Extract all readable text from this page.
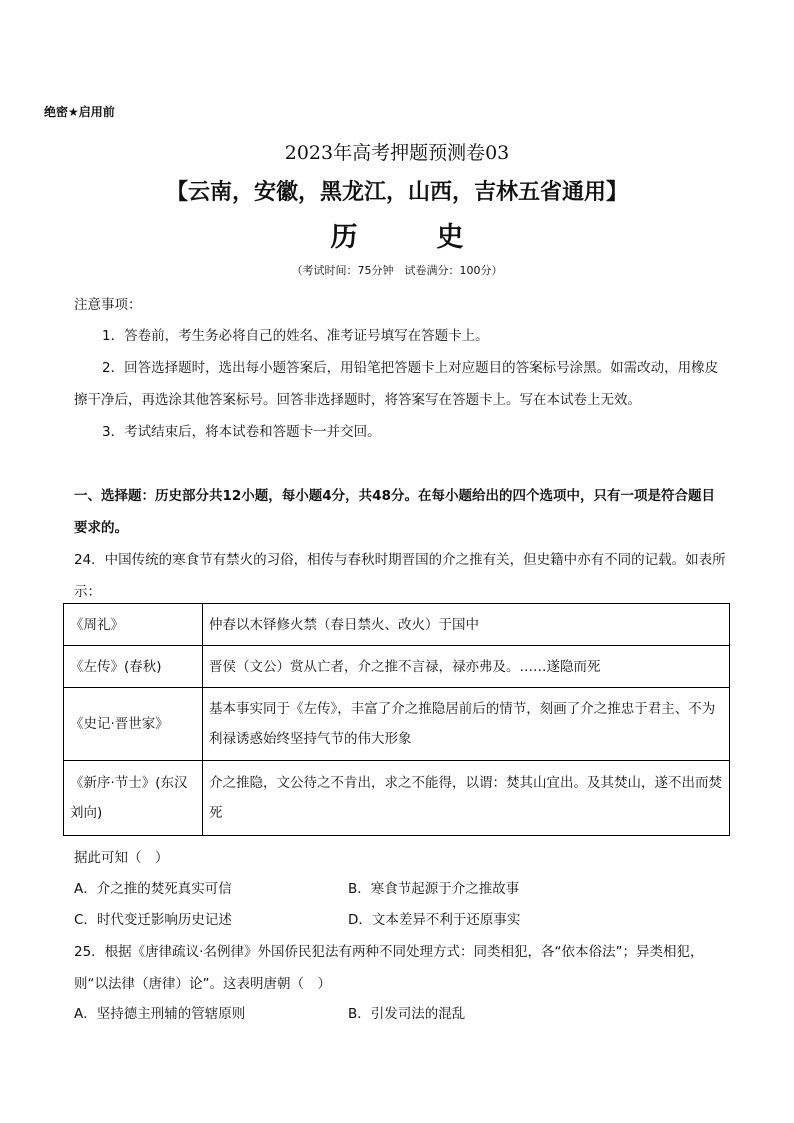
绝密★启用前
2023年高考押题预测卷03
【云南，安徽，黑龙江，山西，吉林五省通用】
历　史
（考试时间：75分钟　试卷满分：100分）
注意事项：
1．答卷前，考生务必将自己的姓名、准考证号填写在答题卡上。
2．回答选择题时，选出每小题答案后，用铅笔把答题卡上对应题目的答案标号涂黑。如需改动，用橡皮擦干净后，再选涂其他答案标号。回答非选择题时，将答案写在答题卡上。写在本试卷上无效。
3．考试结束后，将本试卷和答题卡一并交回。
一、选择题：历史部分共12小题，每小题4分，共48分。在每小题给出的四个选项中，只有一项是符合题目要求的。
24．中国传统的寒食节有禁火的习俗，相传与春秋时期晋国的介之推有关，但史籍中亦有不同的记载。如表所示：
《周礼》	仲春以木铎修火禁（春日禁火、改火）于国中
《左传》(春秋)	晋侯（文公）赏从亡者，介之推不言禄，禄亦弗及。……遂隐而死
《史记·晋世家》	基本事实同于《左传》，丰富了介之推隐居前后的情节，刻画了介之推忠于君主、不为利禄诱惑始终坚持气节的伟大形象
《新序·节士》(东汉刘向)	介之推隐，文公待之不肯出，求之不能得，以谓：焚其山宜出。及其焚山，遂不出而焚死
据此可知（　）
A．介之推的焚死真实可信	B．寒食节起源于介之推故事
C．时代变迁影响历史记述	D．文本差异不利于还原事实
25．根据《唐律疏议·名例律》外国侨民犯法有两种不同处理方式：同类相犯，各“依本俗法”；异类相犯，则“以法律（唐律）论”。这表明唐朝（　）
A．坚持德主刑辅的管辖原则	B．引发司法的混乱
